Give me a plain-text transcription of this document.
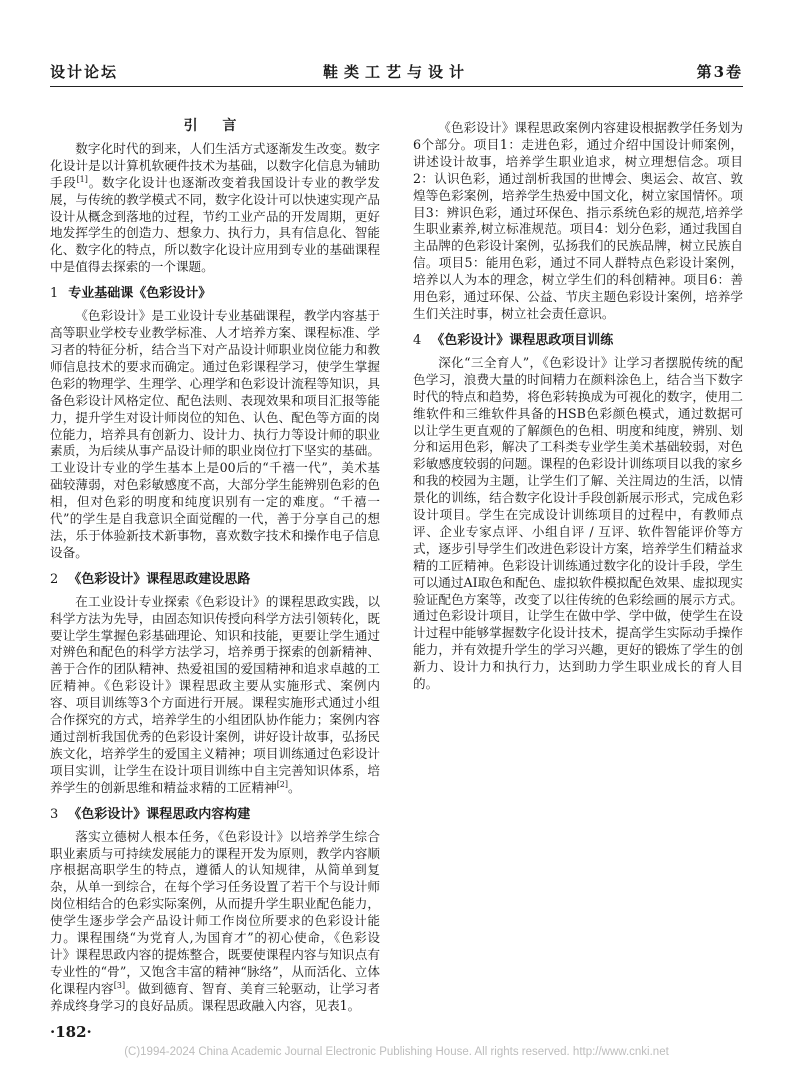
设计论坛	鞋类工艺与设计	第3卷
引 言

数字化时代的到来，人们生活方式逐渐发生改变。数字化设计是以计算机软硬件技术为基础，以数字化信息为辅助手段[1]。数字化设计也逐渐改变着我国设计专业的教学发展，与传统的教学模式不同，数字化设计可以快速实现产品设计从概念到落地的过程，节约工业产品的开发周期，更好地发挥学生的创造力、想象力、执行力，具有信息化、智能化、数字化的特点，所以数字化设计应用到专业的基础课程中是值得去探索的一个课题。

1 专业基础课《色彩设计》

《色彩设计》是工业设计专业基础课程，教学内容基于高等职业学校专业教学标准、人才培养方案、课程标准、学习者的特征分析，结合当下对产品设计师职业岗位能力和教师信息技术的要求而确定。通过色彩课程学习，使学生掌握色彩的物理学、生理学、心理学和色彩设计流程等知识，具备色彩设计风格定位、配色法则、表现效果和项目汇报等能力，提升学生对设计师岗位的知色、认色、配色等方面的岗位能力，培养具有创新力、设计力、执行力等设计师的职业素质，为后续从事产品设计师的职业岗位打下坚实的基础。工业设计专业的学生基本上是00后的“千禧一代”，美术基础较薄弱，对色彩敏感度不高，大部分学生能辨别色彩的色相，但对色彩的明度和纯度识别有一定的难度。“千禧一代”的学生是自我意识全面觉醒的一代，善于分享自己的想法，乐于体验新技术新事物，喜欢数字技术和操作电子信息设备。

2 《色彩设计》课程思政建设思路

在工业设计专业探索《色彩设计》的课程思政实践，以科学方法为先导，由固态知识传授向科学方法引领转化，既要让学生掌握色彩基础理论、知识和技能，更要让学生通过对辨色和配色的科学方法学习，培养勇于探索的创新精神、善于合作的团队精神、热爱祖国的爱国精神和追求卓越的工匠精神。《色彩设计》课程思政主要从实施形式、案例内容、项目训练等3个方面进行开展。课程实施形式通过小组合作探究的方式，培养学生的小组团队协作能力；案例内容通过剖析我国优秀的色彩设计案例，讲好设计故事，弘扬民族文化，培养学生的爱国主义精神；项目训练通过色彩设计项目实训，让学生在设计项目训练中自主完善知识体系，培养学生的创新思维和精益求精的工匠精神[2]。

3 《色彩设计》课程思政内容构建

落实立德树人根本任务，《色彩设计》以培养学生综合职业素质与可持续发展能力的课程开发为原则，教学内容顺序根据高职学生的特点，遵循人的认知规律，从简单到复杂，从单一到综合，在每个学习任务设置了若干个与设计师岗位相结合的色彩实际案例，从而提升学生职业配色能力，使学生逐步学会产品设计师工作岗位所要求的色彩设计能力。课程围绕“为党育人,为国育才”的初心使命，《色彩设计》课程思政内容的提炼整合，既要使课程内容与知识点有专业性的“骨”，又饱含丰富的精神“脉络”，从而活化、立体化课程内容[3]。做到德育、智育、美育三轮驱动，让学习者养成终身学习的良好品质。课程思政融入内容，见表1。

《色彩设计》课程思政案例内容建设根据教学任务划为6个部分。项目1：走进色彩，通过介绍中国设计师案例，讲述设计故事，培养学生职业追求，树立理想信念。项目2：认识色彩，通过剖析我国的世博会、奥运会、故宫、敦煌等色彩案例，培养学生热爱中国文化，树立家国情怀。项目3：辨识色彩，通过环保色、指示系统色彩的规范,培养学生职业素养,树立标准规范。项目4：划分色彩，通过我国自主品牌的色彩设计案例，弘扬我们的民族品牌，树立民族自信。项目5：能用色彩，通过不同人群特点色彩设计案例，培养以人为本的理念，树立学生们的科创精神。项目6：善用色彩，通过环保、公益、节庆主题色彩设计案例，培养学生们关注时事，树立社会责任意识。

4 《色彩设计》课程思政项目训练

深化“三全育人”，《色彩设计》让学习者摆脱传统的配色学习，浪费大量的时间精力在颜料涂色上，结合当下数字时代的特点和趋势，将色彩转换成为可视化的数字，使用二维软件和三维软件具备的HSB色彩颜色模式，通过数据可以让学生更直观的了解颜色的色相、明度和纯度，辨别、划分和运用色彩，解决了工科类专业学生美术基础较弱，对色彩敏感度较弱的问题。课程的色彩设计训练项目以我的家乡和我的校园为主题，让学生们了解、关注周边的生活，以情景化的训练，结合数字化设计手段创新展示形式，完成色彩设计项目。学生在完成设计训练项目的过程中，有教师点评、企业专家点评、小组自评 / 互评、软件智能评价等方式，逐步引导学生们改进色彩设计方案，培养学生们精益求精的工匠精神。色彩设计训练通过数字化的设计手段，学生可以通过AI取色和配色、虚拟软件模拟配色效果、虚拟现实验证配色方案等，改变了以往传统的色彩绘画的展示方式。通过色彩设计项目，让学生在做中学、学中做，使学生在设计过程中能够掌握数字化设计技术，提高学生实际动手操作能力，并有效提升学生的学习兴趣，更好的锻炼了学生的创新力、设计力和执行力，达到助力学生职业成长的育人目的。

·182·
(C)1994-2024 China Academic Journal Electronic Publishing House. All rights reserved. http://www.cnki.net
